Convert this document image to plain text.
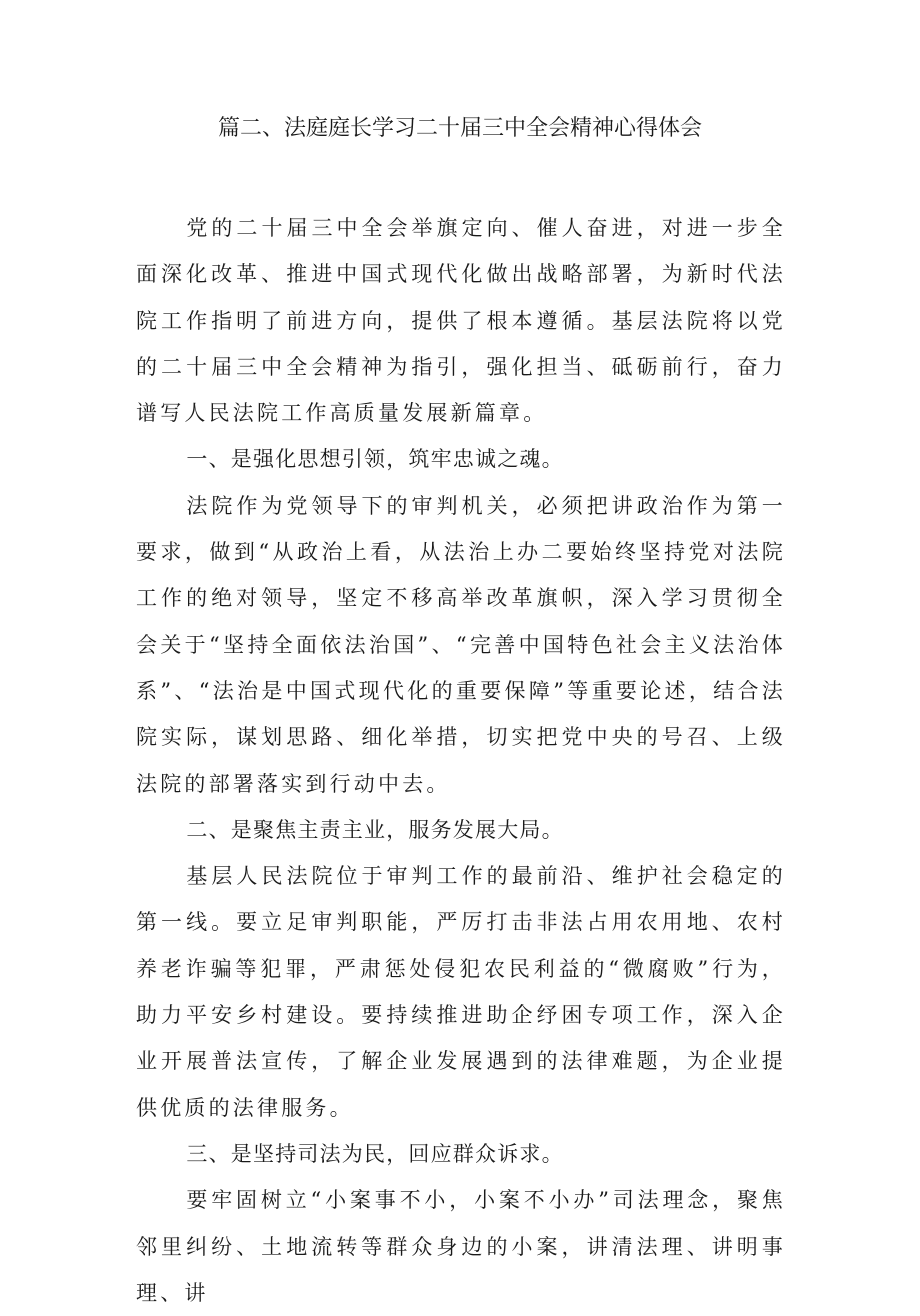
篇二、法庭庭长学习二十届三中全会精神心得体会

党的二十届三中全会举旗定向、催人奋进，对进一步全面深化改革、推进中国式现代化做出战略部署，为新时代法院工作指明了前进方向，提供了根本遵循。基层法院将以党的二十届三中全会精神为指引，强化担当、砥砺前行，奋力谱写人民法院工作高质量发展新篇章。

一、是强化思想引领，筑牢忠诚之魂。

法院作为党领导下的审判机关，必须把讲政治作为第一要求，做到“从政治上看，从法治上办二要始终坚持党对法院工作的绝对领导，坚定不移高举改革旗帜，深入学习贯彻全会关于“坚持全面依法治国”、“完善中国特色社会主义法治体系”、“法治是中国式现代化的重要保障”等重要论述，结合法院实际，谋划思路、细化举措，切实把党中央的号召、上级法院的部署落实到行动中去。

二、是聚焦主责主业，服务发展大局。

基层人民法院位于审判工作的最前沿、维护社会稳定的第一线。要立足审判职能，严厉打击非法占用农用地、农村养老诈骗等犯罪，严肃惩处侵犯农民利益的“微腐败”行为，助力平安乡村建设。要持续推进助企纾困专项工作，深入企业开展普法宣传，了解企业发展遇到的法律难题，为企业提供优质的法律服务。

三、是坚持司法为民，回应群众诉求。

要牢固树立“小案事不小，小案不小办”司法理念，聚焦邻里纠纷、土地流转等群众身边的小案，讲清法理、讲明事理、讲
